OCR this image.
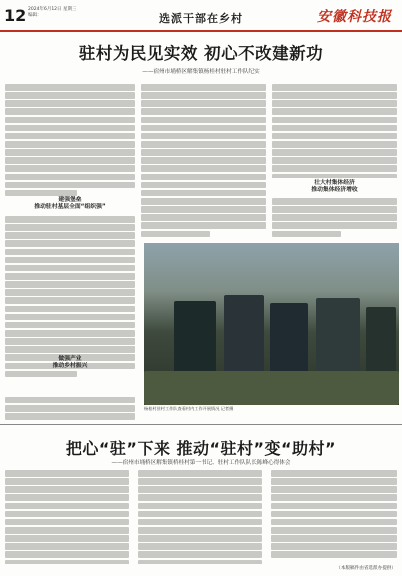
12 2024年6月12日 星期三
编辑：	选派干部在乡村	安徽科技报
驻村为民见实效 初心不改建新功
——宿州市埇桥区解集镇杨桂村驻村工作队纪实
建强堡垒
推动驻村基层全面“组织强”
做强产业
推动乡村振兴
壮大村集体经济
推动集体经济增收
杨桂村驻村工作队查看村内工作开展情况 记者摄
把心“驻”下来 推动“驻村”变“助村”
——宿州市埇桥区解集镇桥桂村第一书记、驻村工作队队长陈峰心得体会
（本版稿件由省选派办提供）
